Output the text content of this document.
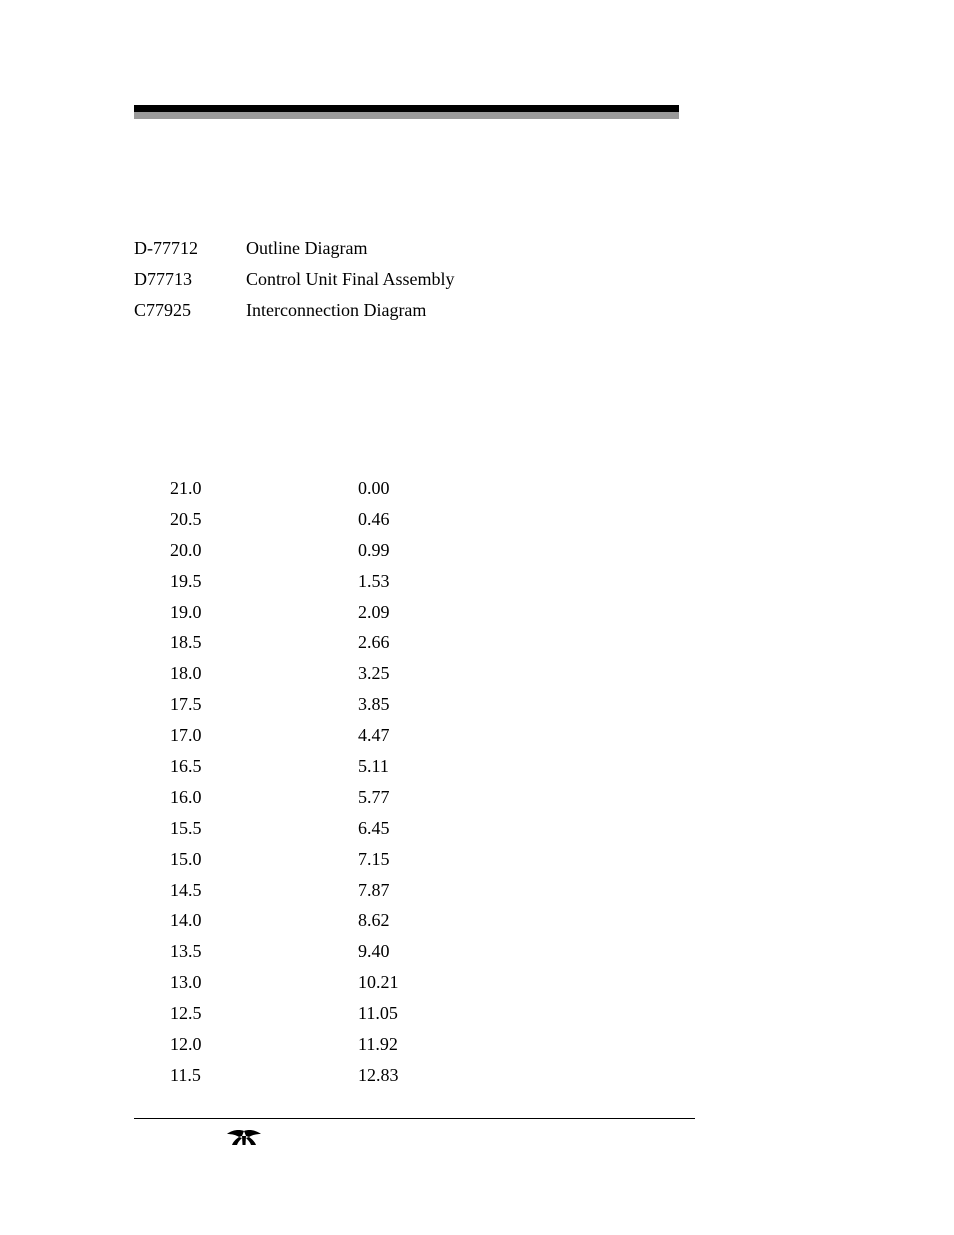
D-77712	Outline Diagram
D77713	Control Unit Final Assembly
C77925	Interconnection Diagram
21.0	0.00
20.5	0.46
20.0	0.99
19.5	1.53
19.0	2.09
18.5	2.66
18.0	3.25
17.5	3.85
17.0	4.47
16.5	5.11
16.0	5.77
15.5	6.45
15.0	7.15
14.5	7.87
14.0	8.62
13.5	9.40
13.0	10.21
12.5	11.05
12.0	11.92
11.5	12.83
